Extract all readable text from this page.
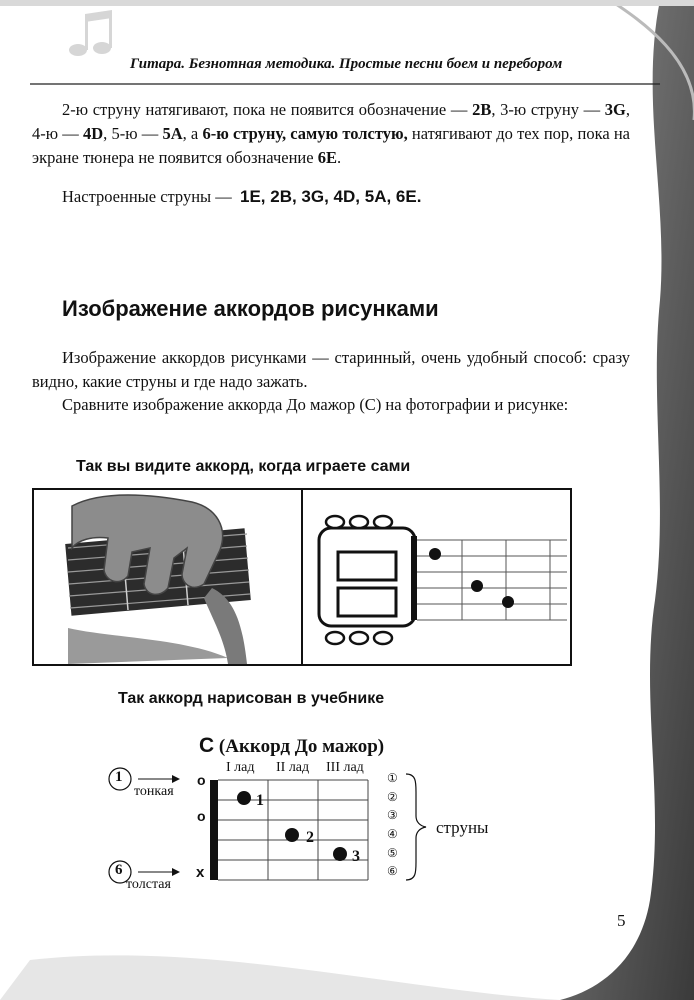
Гитара. Безнотная методика. Простые песни боем и перебором

2-ю струну натягивают, пока не появится обозначение — 2B, 3-ю струну — 3G, 4-ю — 4D, 5-ю — 5A, а 6-ю струну, самую толстую, натягивают до тех пор, пока на экране тюнера не появится обозначение 6E.

Настроенные струны — 1E, 2B, 3G, 4D, 5A, 6E.
Изображение аккордов рисунками

Изображение аккордов рисунками — старинный, очень удобный способ: сразу видно, какие струны и где надо зажать.

Сравните изображение аккорда До мажор (С) на фотографии и рисунке:

Так вы видите аккорд, когда играете сами
Так аккорд нарисован в учебнике
C (Аккорд До мажор)
I лад II лад III лад
o
o
x
1
2
3
①
②
③
④
⑤
⑥
струны
1
тонкая
6
толстая
5
